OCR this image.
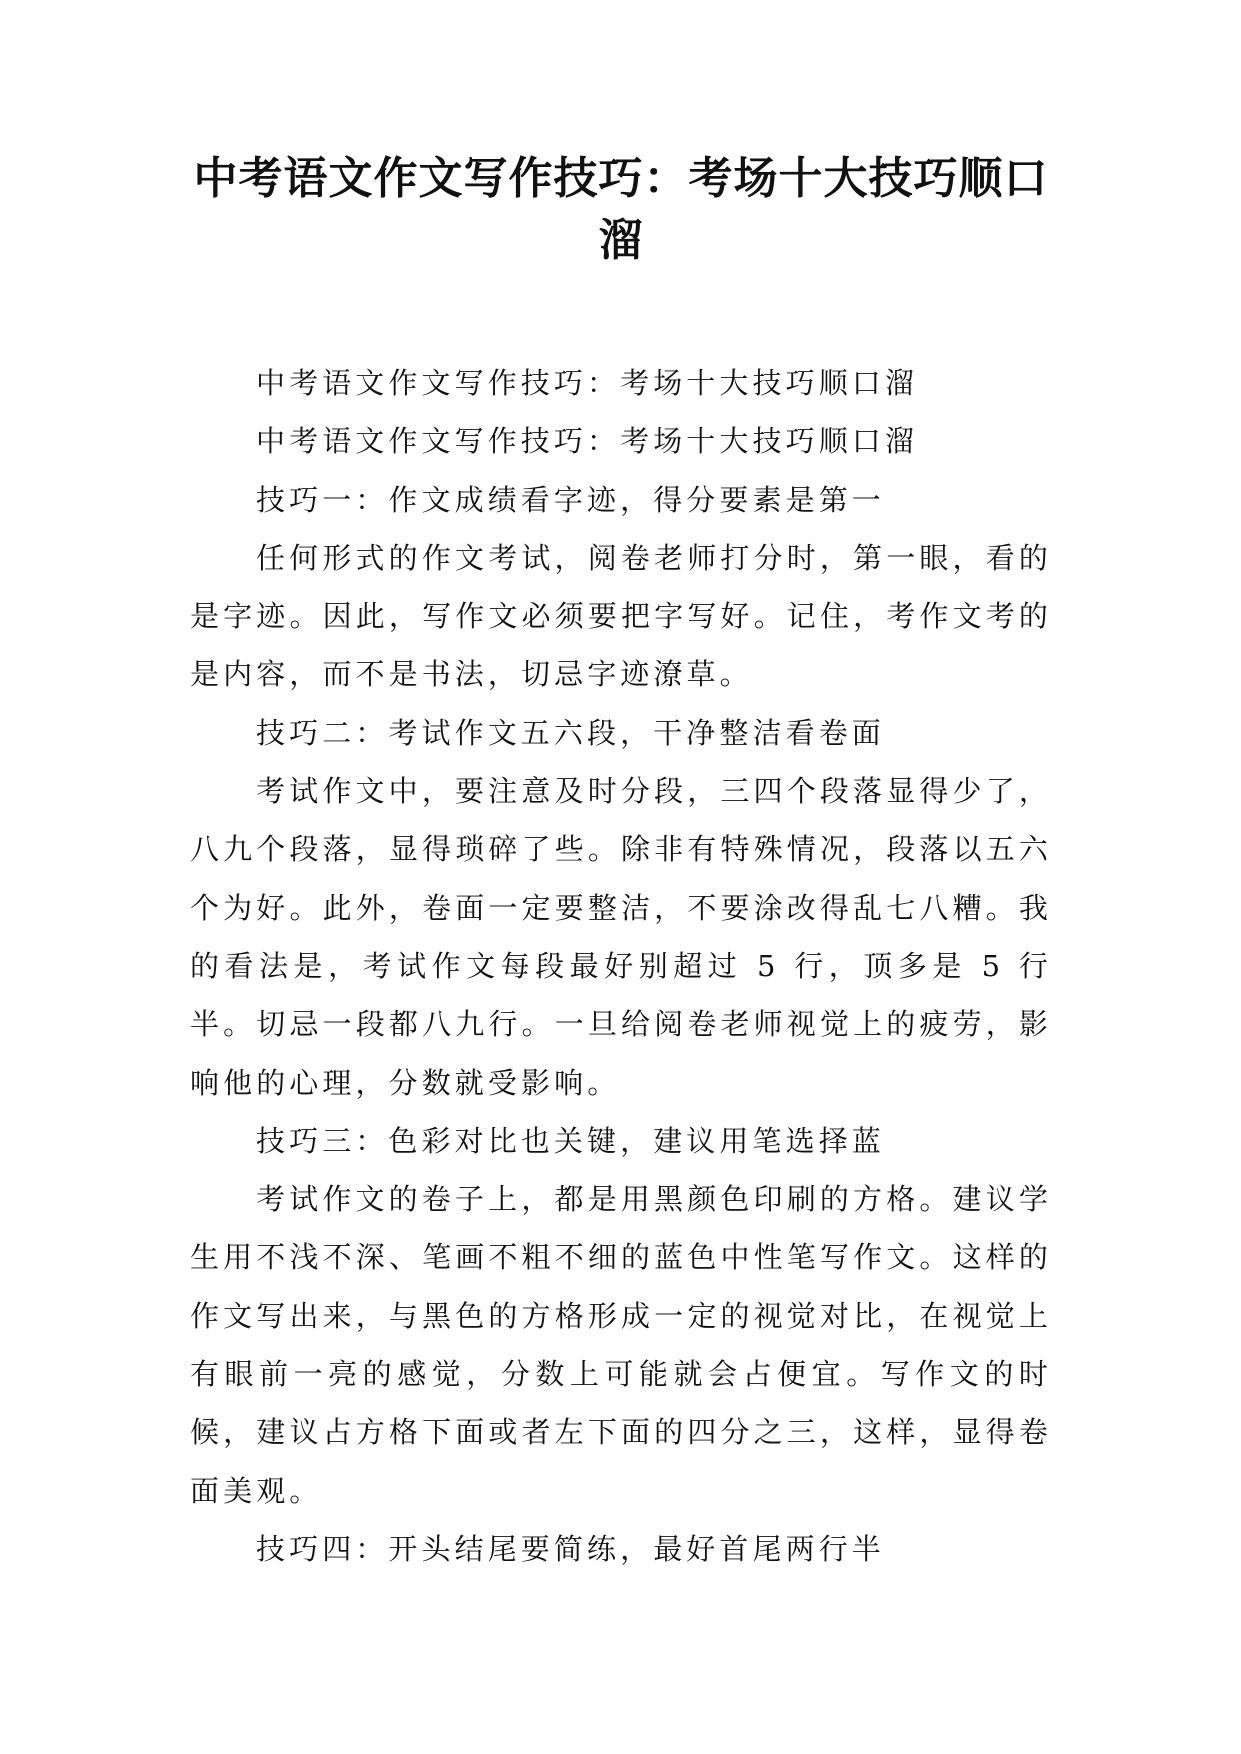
中考语文作文写作技巧：考场十大技巧顺口溜

中考语文作文写作技巧：考场十大技巧顺口溜

中考语文作文写作技巧：考场十大技巧顺口溜

技巧一：作文成绩看字迹，得分要素是第一

任何形式的作文考试，阅卷老师打分时，第一眼，看的是字迹。因此，写作文必须要把字写好。记住，考作文考的是内容，而不是书法，切忌字迹潦草。

技巧二：考试作文五六段，干净整洁看卷面

考试作文中，要注意及时分段，三四个段落显得少了，八九个段落，显得琐碎了些。除非有特殊情况，段落以五六个为好。此外，卷面一定要整洁，不要涂改得乱七八糟。我的看法是，考试作文每段最好别超过 5 行，顶多是 5 行半。切忌一段都八九行。一旦给阅卷老师视觉上的疲劳，影响他的心理，分数就受影响。

技巧三：色彩对比也关键，建议用笔选择蓝

考试作文的卷子上，都是用黑颜色印刷的方格。建议学生用不浅不深、笔画不粗不细的蓝色中性笔写作文。这样的作文写出来，与黑色的方格形成一定的视觉对比，在视觉上有眼前一亮的感觉，分数上可能就会占便宜。写作文的时候，建议占方格下面或者左下面的四分之三，这样，显得卷面美观。

技巧四：开头结尾要简练，最好首尾两行半
